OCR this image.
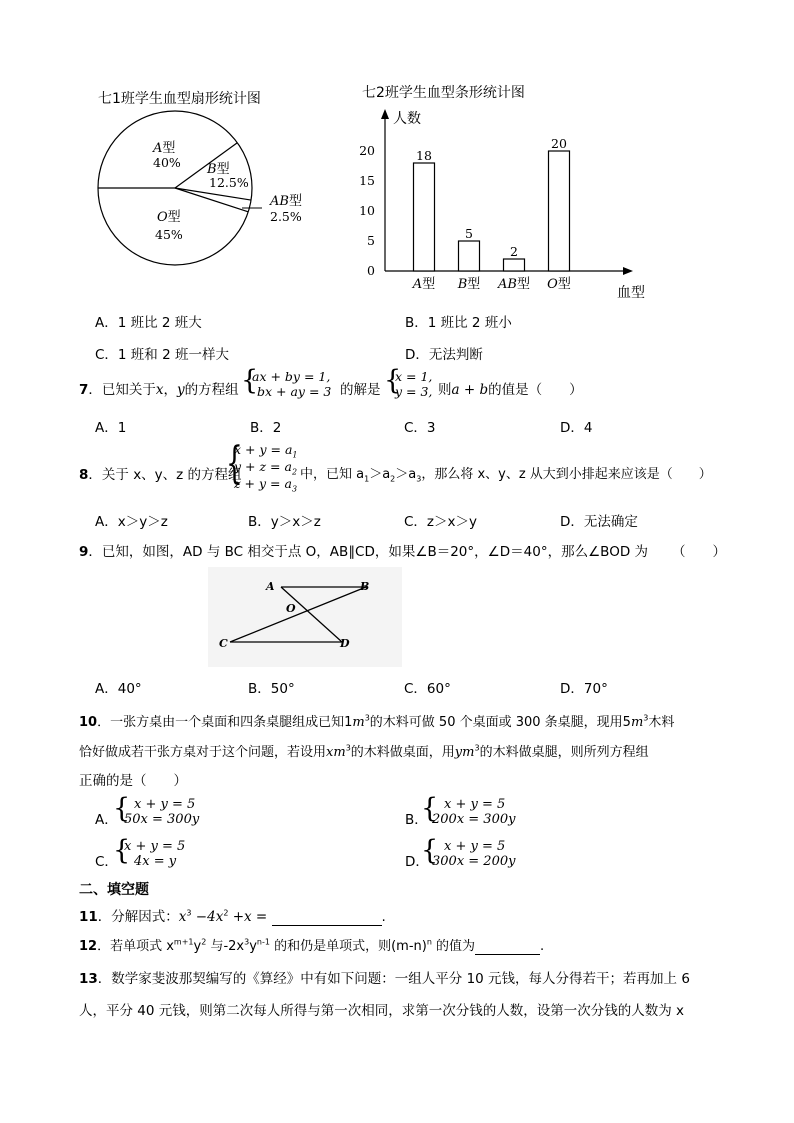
七1班学生血型扇形统计图
A型
40% B型
12.5%
AB型
2.5%
O型
45%
七2班学生血型条形统计图
人数
血型
20
15
10
5
0
18
A型
5
B型
2
AB型
20
O型
A．1 班比 2 班大	B．1 班比 2 班小
C．1 班和 2 班一样大	D．无法判断
7．已知关于x，y的方程组 {
ax + by = 1,
bx + ay = 3 的解是 {
x = 1,
y = 3, 则a + b的值是（　　）
A．1	B．2	C．3	D．4
8．关于 x、y、z 的方程组
{
$x + y = a_1$
$y + z = a_2$
$z + y = a_3$
中，已知 $a_1>a_2>a_3$，那么将 x、y、z 从大到小排起来应该是（　　）
A．x＞y＞z	B．y＞x＞z	C．z＞x＞y	D．无法确定
9．已知，如图，AD 与 BC 相交于点 O，AB∥CD，如果∠B＝20°，∠D＝40°，那么∠BOD 为 （　　）
A	B
O
C	D
A．40°	B．50°	C．60°	D．70°
10．一张方桌由一个桌面和四条桌腿组成已知$1m^3$的木料可做 50 个桌面或 300 条桌腿，现用$5m^3$木料
恰好做成若干张方桌对于这个问题，若设用$xm^3$的木料做桌面，用$ym^3$的木料做桌腿，则所列方程组
正确的是（　　）
A．
{ x + y = 5
50x = 300y	B．
{ x + y = 5
200x = 300y
C．
{
x + y = 5
4x = y	D．
{ x + y = 5
300x = 200y
二、填空题
11．分解因式：$x^3 -4x^2 +x$ =	.
12．若单项式 $x^{m+1}y^2$ 与$-2x^3y^{n-1}$ 的和仍是单项式，则$(m-n)^n$ 的值为	.
13．数学家斐波那契编写的《算经》中有如下问题：一组人平分 10 元钱，每人分得若干；若再加上 6
人，平分 40 元钱，则第二次每人所得与第一次相同，求第一次分钱的人数，设第一次分钱的人数为 x
